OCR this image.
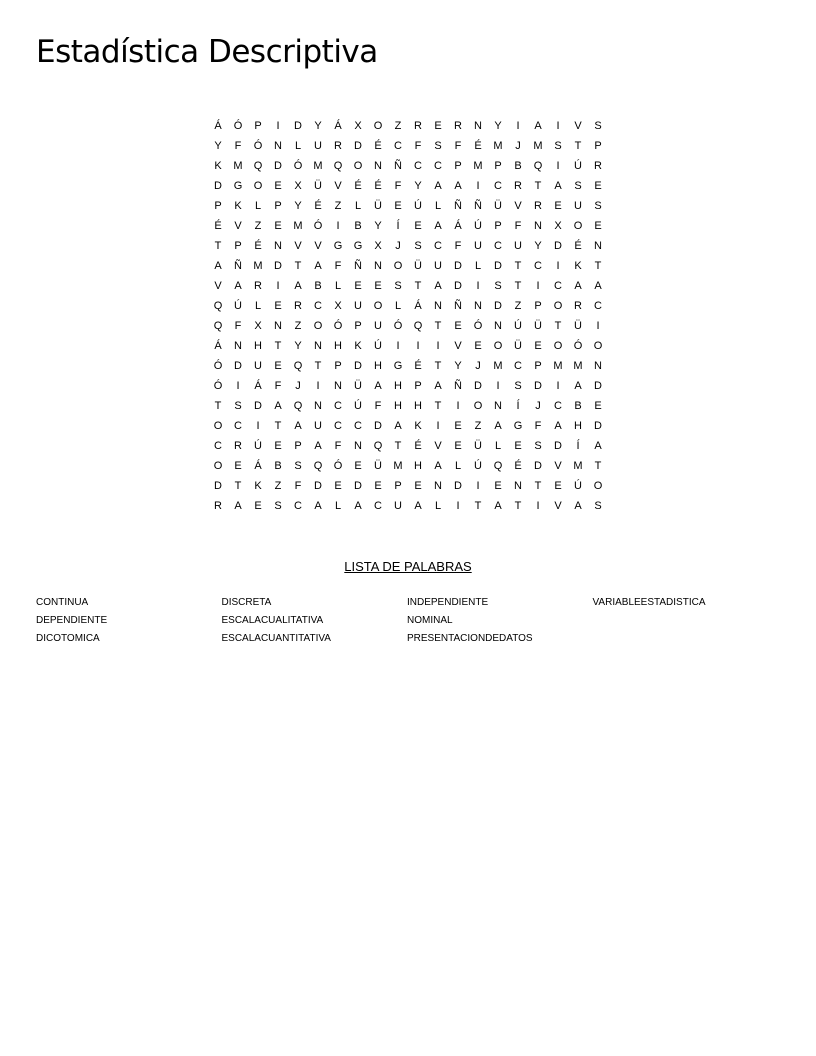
Estadística Descriptiva
Á	Ó	P	I	D	Y	Á	X	O	Z	R	E	R	N	Y	I	A	I	V	S
Y	F	Ó	N	L	U	R	D	É	C	F	S	F	É	M	J	M	S	T	P
K	M	Q	D	Ó	M	Q	O	N	Ñ	C	C	P	M	P	B	Q	I	Ú	R
D	G	O	E	X	Ü	V	É	É	F	Y	A	A	I	C	R	T	A	S	E
P	K	L	P	Y	É	Z	L	Ü	E	Ú	L	Ñ	Ñ	Ü	V	R	E	U	S
É	V	Z	E	M	Ó	I	B	Y	Í	E	A	Á	Ú	P	F	N	X	O	E
T	P	É	N	V	V	G	G	X	J	S	C	F	U	C	U	Y	D	É	N
A	Ñ	M	D	T	A	F	Ñ	N	O	Ü	U	D	L	D	T	C	I	K	T
V	A	R	I	A	B	L	E	E	S	T	A	D	I	S	T	I	C	A	A
Q	Ú	L	E	R	C	X	U	O	L	Á	N	Ñ	N	D	Z	P	O	R	C
Q	F	X	N	Z	O	Ó	P	U	Ó	Q	T	E	Ó	N	Ú	Ü	T	Ü	I
Á	N	H	T	Y	N	H	K	Ú	I	I	I	V	E	O	Ü	E	O	Ó	O
Ó	D	U	E	Q	T	P	D	H	G	É	T	Y	J	M	C	P	M M	N
Ó	I	Á	F	J	I	N	Ü	A	H	P	A	Ñ	D	I	S	D	I	A	D
T	S	D	A	Q	N	C	Ú	F	H	H	T	I	O	N	Í	J	C	B	E
O	C	I	T	A	U	C	C	D	A	K	I	E	Z	A	G	F	A	H	D
C	R	Ú	E	P	A	F	N	Q	T	É	V	E	Ü	L	E	S	D	Í	A
O	E	Á	B	S	Q	Ó	E	Ü	M	H	A	L	Ú	Q	É	D	V	M	T
D	T	K	Z	F	D	E	D	E	P	E	N	D	I	E	N	T	E	Ú	O
R	A	E	S	C	A	L	A	C	U	A	L	I	T	A	T	I	V	A	S

LISTA DE PALABRAS

CONTINUA
DEPENDIENTE
DICOTOMICA
DISCRETA
ESCALACUALITATIVA
ESCALACUANTITATIVA
INDEPENDIENTE
NOMINAL
PRESENTACIONDEDATOS
VARIABLEESTADISTICA
